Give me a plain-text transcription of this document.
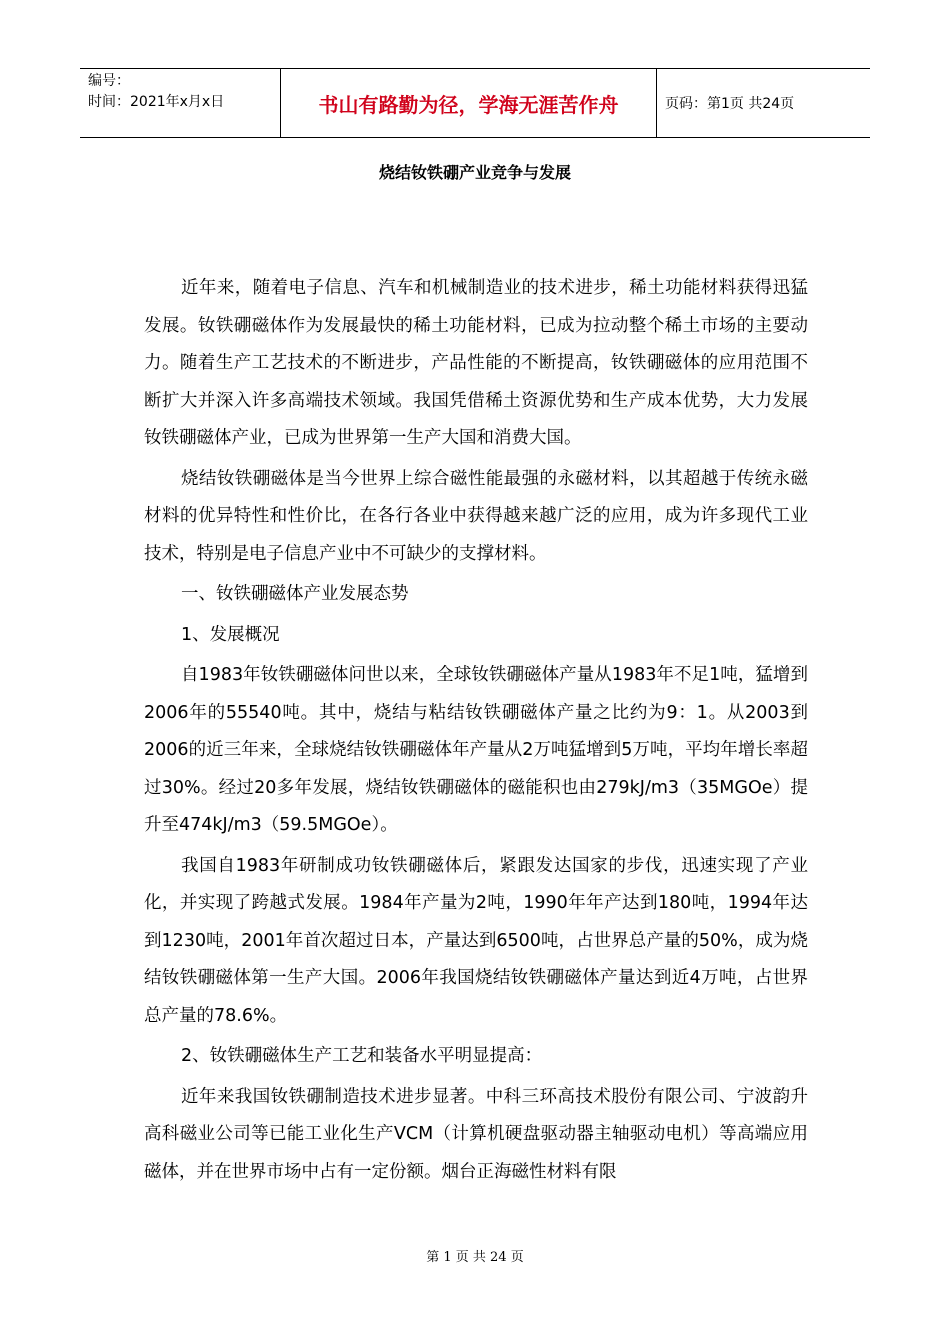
编号：
时间：2021年x月x日	书山有路勤为径，学海无涯苦作舟	页码：第1页 共24页
烧结钕铁硼产业竞争与发展

近年来，随着电子信息、汽车和机械制造业的技术进步，稀土功能材料获得迅猛发展。钕铁硼磁体作为发展最快的稀土功能材料，已成为拉动整个稀土市场的主要动力。随着生产工艺技术的不断进步，产品性能的不断提高，钕铁硼磁体的应用范围不断扩大并深入许多高端技术领域。我国凭借稀土资源优势和生产成本优势，大力发展钕铁硼磁体产业，已成为世界第一生产大国和消费大国。

烧结钕铁硼磁体是当今世界上综合磁性能最强的永磁材料，以其超越于传统永磁材料的优异特性和性价比，在各行各业中获得越来越广泛的应用，成为许多现代工业技术，特别是电子信息产业中不可缺少的支撑材料。

一、钕铁硼磁体产业发展态势

1、发展概况

自1983年钕铁硼磁体问世以来，全球钕铁硼磁体产量从1983年不足1吨，猛增到2006年的55540吨。其中，烧结与粘结钕铁硼磁体产量之比约为9：1。从2003到2006的近三年来，全球烧结钕铁硼磁体年产量从2万吨猛增到5万吨，平均年增长率超过30%。经过20多年发展，烧结钕铁硼磁体的磁能积也由279kJ/m3（35MGOe）提升至474kJ/m3（59.5MGOe）。

我国自1983年研制成功钕铁硼磁体后，紧跟发达国家的步伐，迅速实现了产业化，并实现了跨越式发展。1984年产量为2吨，1990年年产达到180吨，1994年达到1230吨，2001年首次超过日本，产量达到6500吨，占世界总产量的50%，成为烧结钕铁硼磁体第一生产大国。2006年我国烧结钕铁硼磁体产量达到近4万吨，占世界总产量的78.6%。

2、钕铁硼磁体生产工艺和装备水平明显提高：

近年来我国钕铁硼制造技术进步显著。中科三环高技术股份有限公司、宁波韵升高科磁业公司等已能工业化生产VCM（计算机硬盘驱动器主轴驱动电机）等高端应用磁体，并在世界市场中占有一定份额。烟台正海磁性材料有限

第 1 页 共 24 页
